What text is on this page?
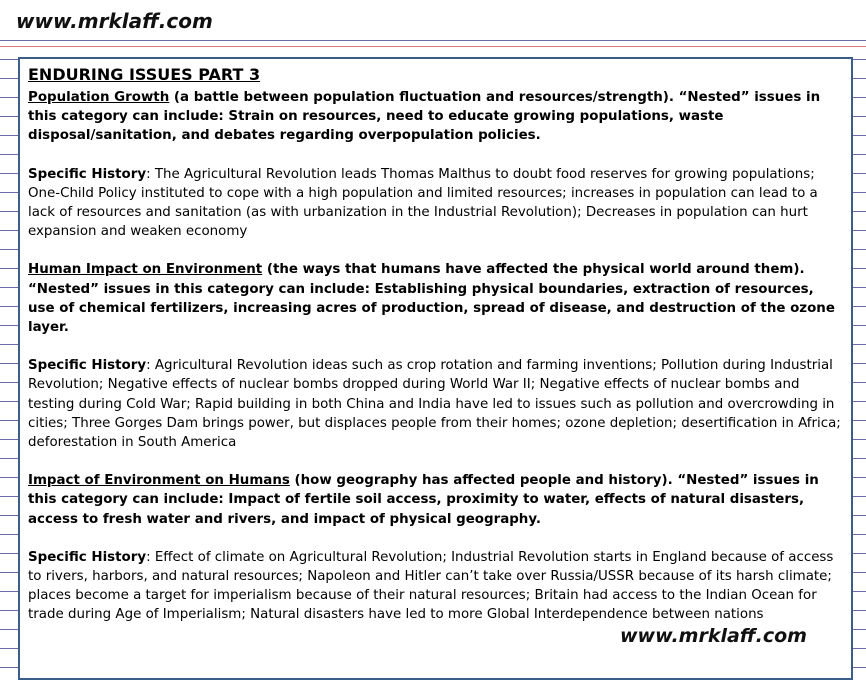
www.mrklaff.com
ENDURING ISSUES PART 3

Population Growth (a battle between population fluctuation and resources/strength). “Nested” issues in this category can include: Strain on resources, need to educate growing populations, waste disposal/sanitation, and debates regarding overpopulation policies.

Specific History: The Agricultural Revolution leads Thomas Malthus to doubt food reserves for growing populations; One-Child Policy instituted to cope with a high population and limited resources; increases in population can lead to a lack of resources and sanitation (as with urbanization in the Industrial Revolution); Decreases in population can hurt expansion and weaken economy

Human Impact on Environment (the ways that humans have affected the physical world around them). “Nested” issues in this category can include: Establishing physical boundaries, extraction of resources, use of chemical fertilizers, increasing acres of production, spread of disease, and destruction of the ozone layer.

Specific History: Agricultural Revolution ideas such as crop rotation and farming inventions; Pollution during Industrial Revolution; Negative effects of nuclear bombs dropped during World War II; Negative effects of nuclear bombs and testing during Cold War; Rapid building in both China and India have led to issues such as pollution and overcrowding in cities; Three Gorges Dam brings power, but displaces people from their homes; ozone depletion; desertification in Africa; deforestation in South America

Impact of Environment on Humans (how geography has affected people and history). “Nested” issues in this category can include: Impact of fertile soil access, proximity to water, effects of natural disasters, access to fresh water and rivers, and impact of physical geography.

Specific History: Effect of climate on Agricultural Revolution; Industrial Revolution starts in England because of access to rivers, harbors, and natural resources; Napoleon and Hitler can’t take over Russia/USSR because of its harsh climate; places become a target for imperialism because of their natural resources; Britain had access to the Indian Ocean for trade during Age of Imperialism; Natural disasters have led to more Global Interdependence between nations

www.mrklaff.com
